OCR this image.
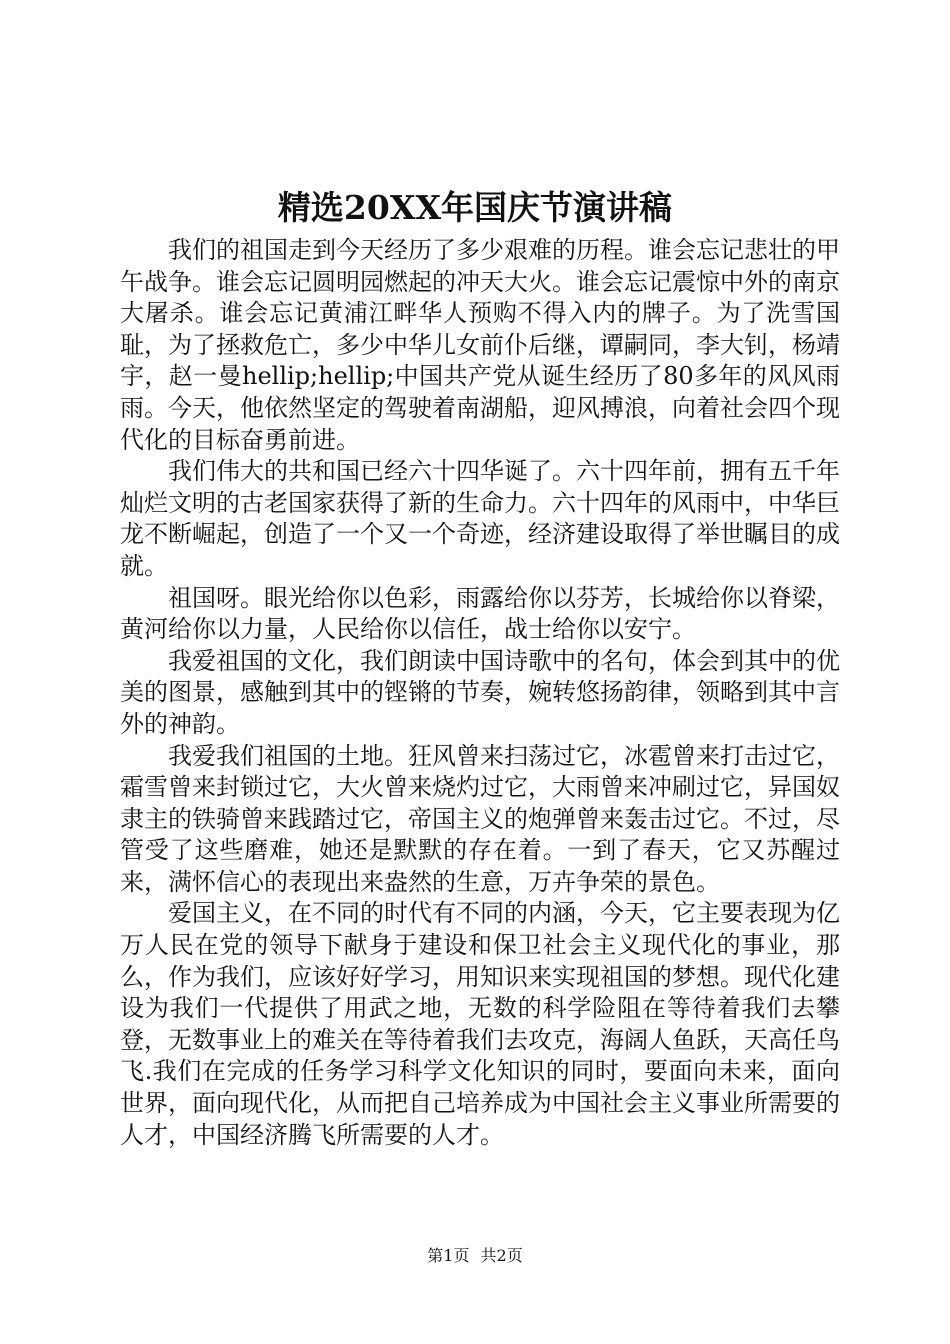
精选20XX年国庆节演讲稿

我们的祖国走到今天经历了多少艰难的历程。谁会忘记悲壮的甲午战争。谁会忘记圆明园燃起的冲天大火。谁会忘记震惊中外的南京大屠杀。谁会忘记黄浦江畔华人预购不得入内的牌子。为了洗雪国耻，为了拯救危亡，多少中华儿女前仆后继，谭嗣同，李大钊，杨靖宇，赵一曼hellip;hellip;中国共产党从诞生经历了80多年的风风雨雨。今天，他依然坚定的驾驶着南湖船，迎风搏浪，向着社会四个现代化的目标奋勇前进。

我们伟大的共和国已经六十四华诞了。六十四年前，拥有五千年灿烂文明的古老国家获得了新的生命力。六十四年的风雨中，中华巨龙不断崛起，创造了一个又一个奇迹，经济建设取得了举世瞩目的成就。

祖国呀。眼光给你以色彩，雨露给你以芬芳，长城给你以脊梁，黄河给你以力量，人民给你以信任，战士给你以安宁。

我爱祖国的文化，我们朗读中国诗歌中的名句，体会到其中的优美的图景，感触到其中的铿锵的节奏，婉转悠扬韵律，领略到其中言外的神韵。

我爱我们祖国的土地。狂风曾来扫荡过它，冰雹曾来打击过它，霜雪曾来封锁过它，大火曾来烧灼过它，大雨曾来冲刷过它，异国奴隶主的铁骑曾来践踏过它，帝国主义的炮弹曾来轰击过它。不过，尽管受了这些磨难，她还是默默的存在着。一到了春天，它又苏醒过来，满怀信心的表现出来盎然的生意，万卉争荣的景色。

爱国主义，在不同的时代有不同的内涵，今天，它主要表现为亿万人民在党的领导下献身于建设和保卫社会主义现代化的事业，那么，作为我们，应该好好学习，用知识来实现祖国的梦想。现代化建设为我们一代提供了用武之地，无数的科学险阻在等待着我们去攀登，无数事业上的难关在等待着我们去攻克，海阔人鱼跃，天高任鸟飞.我们在完成的任务学习科学文化知识的同时，要面向未来，面向世界，面向现代化，从而把自己培养成为中国社会主义事业所需要的人才，中国经济腾飞所需要的人才。

第1页 共2页
